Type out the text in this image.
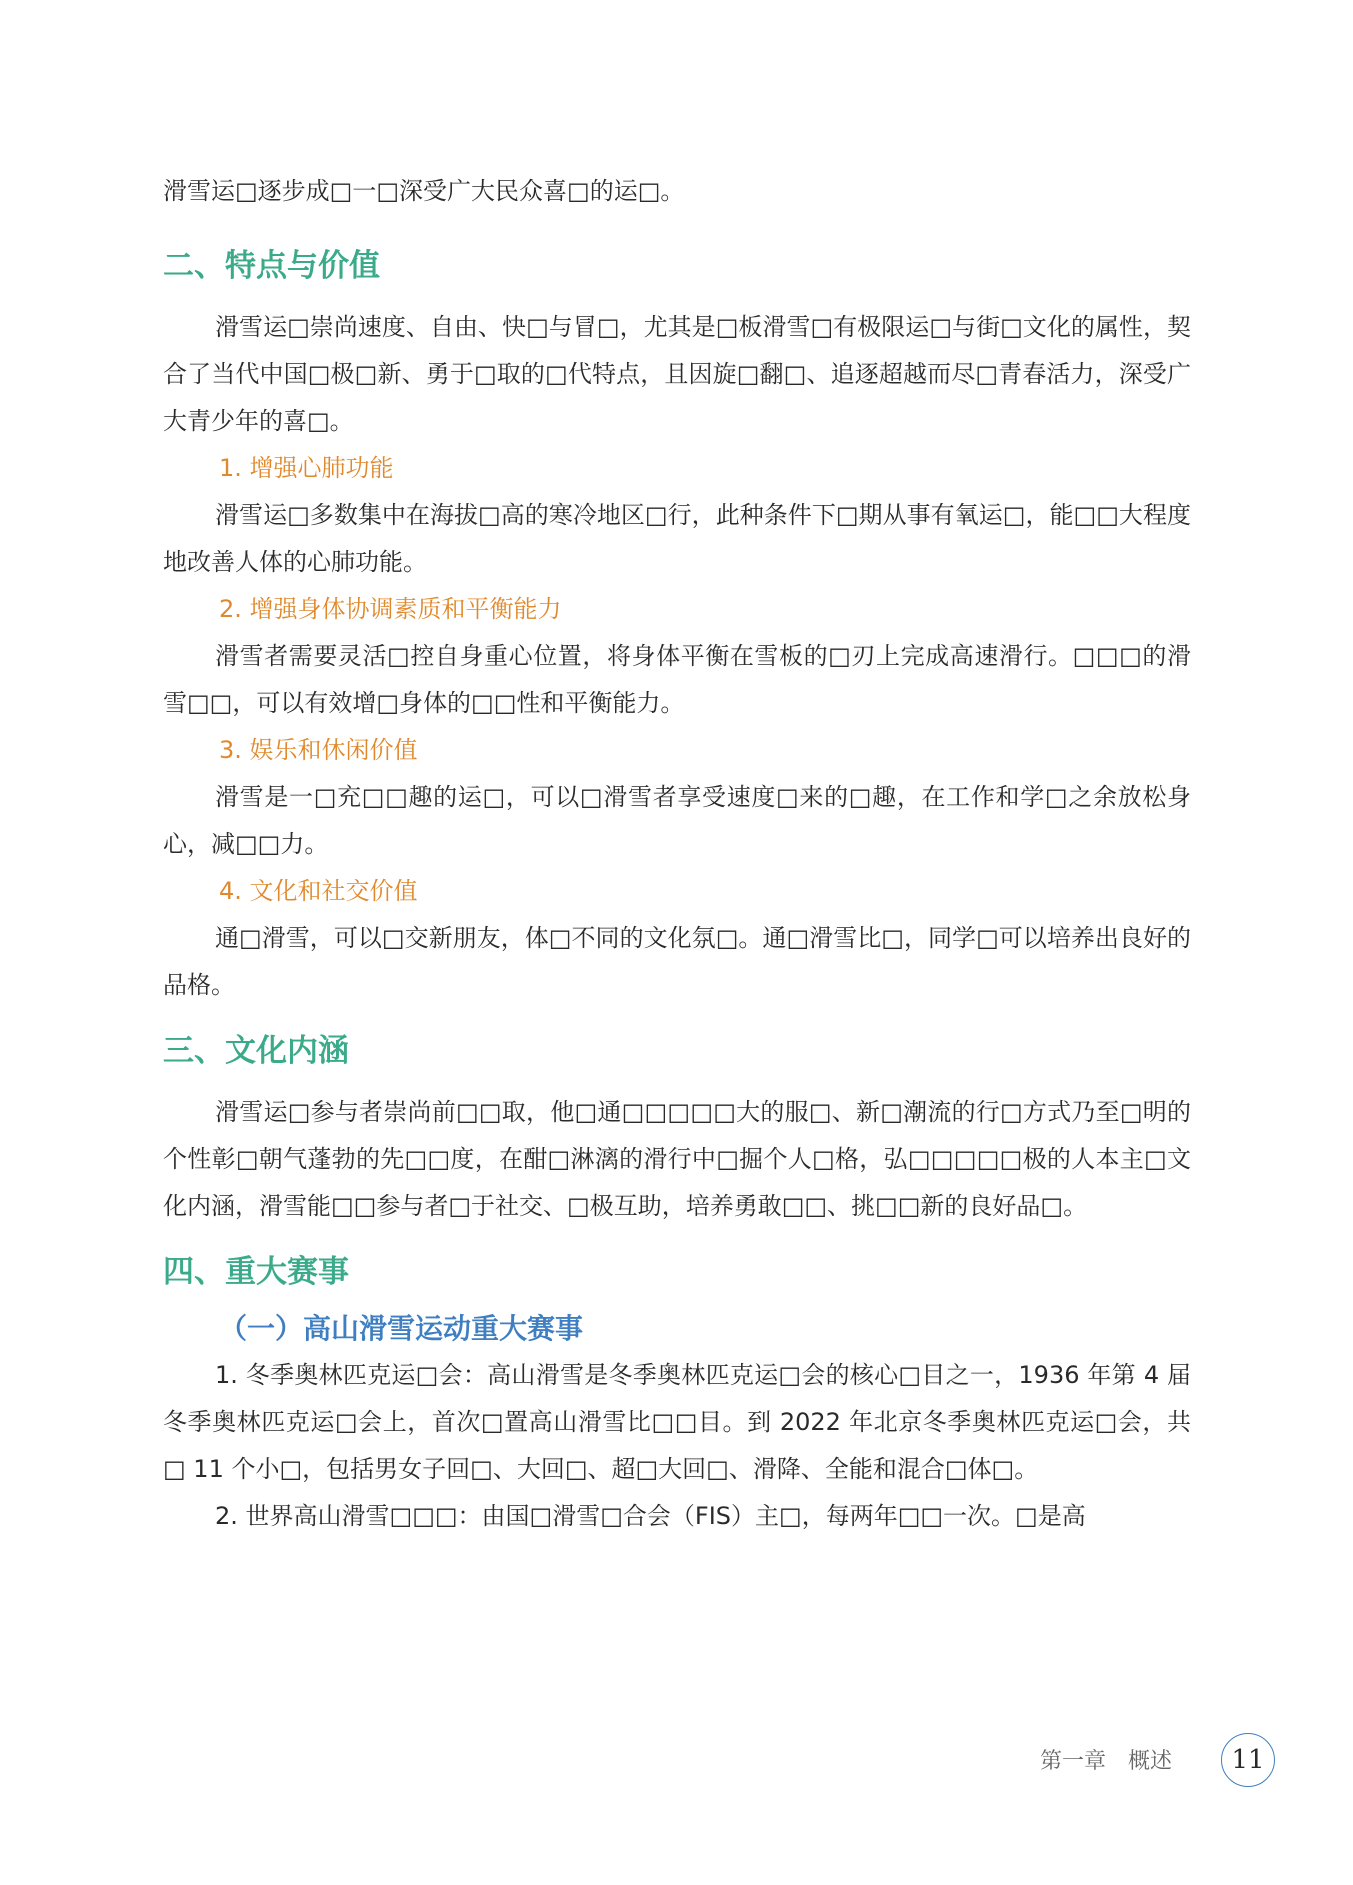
滑雪运□逐步成□一□深受广大民众喜□的运□。

二、特点与价值

滑雪运□崇尚速度、自由、快□与冒□，尤其是□板滑雪□有极限运□与街□文化的属性，契合了当代中国□极□新、勇于□取的□代特点，且因旋□翻□、追逐超越而尽□青春活力，深受广大青少年的喜□。

1. 增强心肺功能

滑雪运□多数集中在海拔□高的寒冷地区□行，此种条件下□期从事有氧运□，能□□大程度地改善人体的心肺功能。

2. 增强身体协调素质和平衡能力

滑雪者需要灵活□控自身重心位置，将身体平衡在雪板的□刃上完成高速滑行。□□□的滑雪□□，可以有效增□身体的□□性和平衡能力。

3. 娱乐和休闲价值

滑雪是一□充□□趣的运□，可以□滑雪者享受速度□来的□趣，在工作和学□之余放松身心，减□□力。

4. 文化和社交价值

通□滑雪，可以□交新朋友，体□不同的文化氛□。通□滑雪比□，同学□可以培养出良好的品格。

三、文化内涵

滑雪运□参与者崇尚前□□取，他□通□□□□□大的服□、新□潮流的行□方式乃至□明的个性彰□朝气蓬勃的先□□度，在酣□淋漓的滑行中□掘个人□格，弘□□□□□极的人本主□文化内涵，滑雪能□□参与者□于社交、□极互助，培养勇敢□□、挑□□新的良好品□。

四、重大赛事
（一）高山滑雪运动重大赛事

1. 冬季奥林匹克运□会：高山滑雪是冬季奥林匹克运□会的核心□目之一，1936 年第 4 届冬季奥林匹克运□会上，首次□置高山滑雪比□□目。到 2022 年北京冬季奥林匹克运□会，共□ 11 个小□，包括男女子回□、大回□、超□大回□、滑降、全能和混合□体□。

2. 世界高山滑雪□□□：由国□滑雪□合会（FIS）主□，每两年□□一次。□是高

第一章　概述	11
